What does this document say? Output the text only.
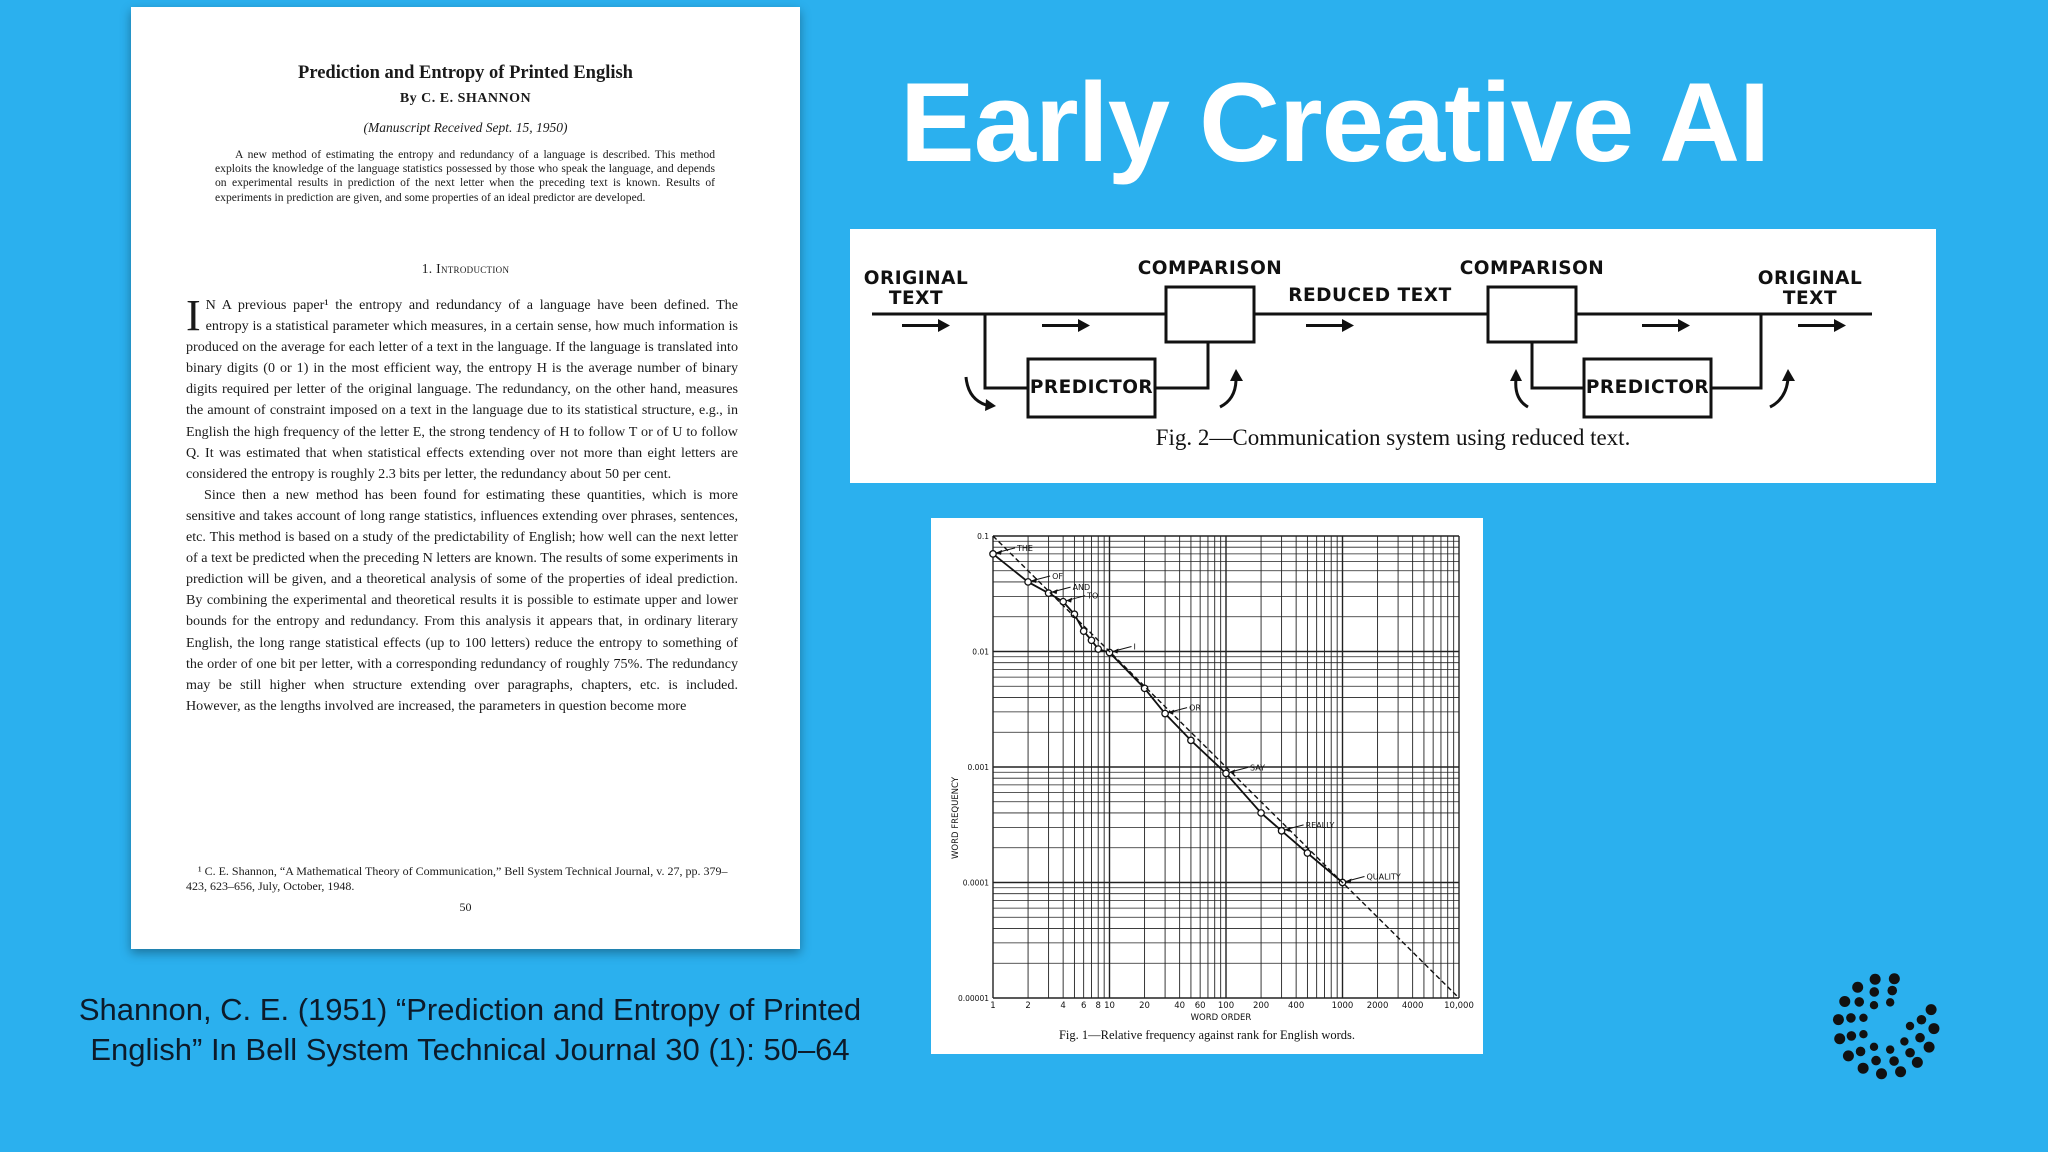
Early Creative AI
Prediction and Entropy of Printed English
By C. E. SHANNON
(Manuscript Received Sept. 15, 1950)
A new method of estimating the entropy and redundancy of a language is described. This method exploits the knowledge of the language statistics possessed by those who speak the language, and depends on experimental results in prediction of the next letter when the preceding text is known. Results of experiments in prediction are given, and some properties of an ideal predictor are developed.
1. Introduction

I N A previous paper¹ the entropy and redundancy of a language have been defined. The entropy is a statistical parameter which measures, in a certain sense, how much information is produced on the average for each letter of a text in the language. If the language is translated into binary digits (0 or 1) in the most efficient way, the entropy H is the average number of binary digits required per letter of the original language. The redundancy, on the other hand, measures the amount of constraint imposed on a text in the language due to its statistical structure, e.g., in English the high frequency of the letter E, the strong tendency of H to follow T or of U to follow Q. It was estimated that when statistical effects extending over not more than eight letters are considered the entropy is roughly 2.3 bits per letter, the redundancy about 50 per cent.

Since then a new method has been found for estimating these quantities, which is more sensitive and takes account of long range statistics, influences extending over phrases, sentences, etc. This method is based on a study of the predictability of English; how well can the next letter of a text be predicted when the preceding N letters are known. The results of some experiments in prediction will be given, and a theoretical analysis of some of the properties of ideal prediction. By combining the experimental and theoretical results it is possible to estimate upper and lower bounds for the entropy and redundancy. From this analysis it appears that, in ordinary literary English, the long range statistical effects (up to 100 letters) reduce the entropy to something of the order of one bit per letter, with a corresponding redundancy of roughly 75%. The redundancy may be still higher when structure extending over paragraphs, chapters, etc. is included. However, as the lengths involved are increased, the parameters in question become more

¹ C. E. Shannon, “A Mathematical Theory of Communication,” Bell System Technical Journal, v. 27, pp. 379–423, 623–656, July, October, 1948.
50
ORIGINAL
TEXT
COMPARISON
REDUCED TEXT
COMPARISON	ORIGINAL
TEXT
PREDICTOR	PREDICTOR
Fig. 2—Communication system using reduced text.
1	2	4 6 8 10	20	40 60 100 200 400	1000 2000 4000 10,000
0.1
0.01
0.001
0.0001
0.00001
THE
OF
AND
TO
I
OR
SAY
REALLY
QUALITY
WORD ORDER
WORD FREQUENCY
Fig. 1—Relative frequency against rank for English words.
Shannon, C. E. (1951) “Prediction and Entropy of Printed
English” In Bell System Technical Journal 30 (1): 50–64
